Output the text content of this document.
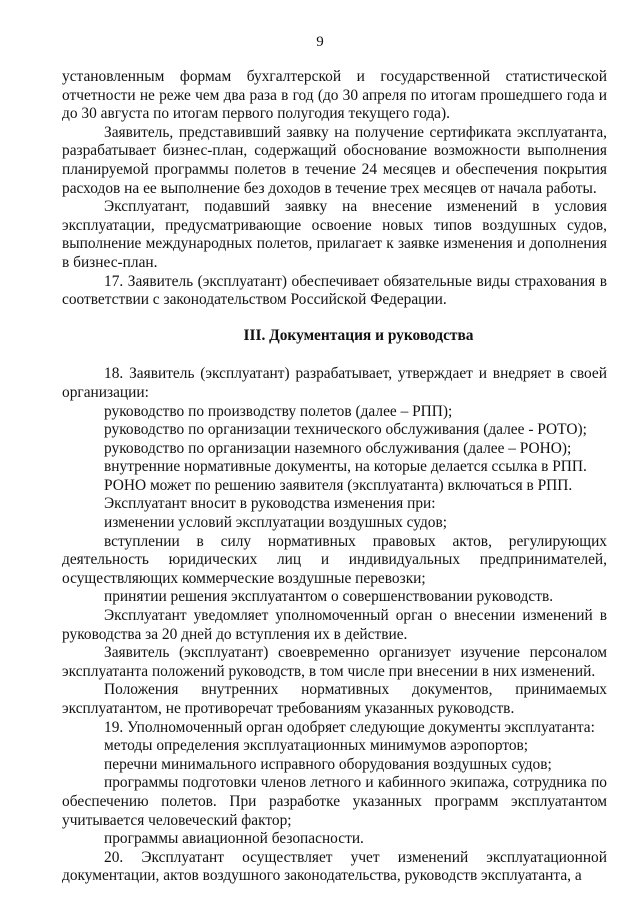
9

установленным формам бухгалтерской и государственной статистической отчетности не реже чем два раза в год (до 30 апреля по итогам прошедшего года и до 30 августа по итогам первого полугодия текущего года).

Заявитель, представивший заявку на получение сертификата эксплуатанта, разрабатывает бизнес-план, содержащий обоснование возможности выполнения планируемой программы полетов в течение 24 месяцев и обеспечения покрытия расходов на ее выполнение без доходов в течение трех месяцев от начала работы.

Эксплуатант, подавший заявку на внесение изменений в условия эксплуатации, предусматривающие освоение новых типов воздушных судов, выполнение международных полетов, прилагает к заявке изменения и дополнения в бизнес-план.

17. Заявитель (эксплуатант) обеспечивает обязательные виды страхования в соответствии с законодательством Российской Федерации.

III. Документация и руководства

18. Заявитель (эксплуатант) разрабатывает, утверждает и внедряет в своей организации:

руководство по производству полетов (далее – РПП);

руководство по организации технического обслуживания (далее - РОТО);

руководство по организации наземного обслуживания (далее – РОНО);

внутренние нормативные документы, на которые делается ссылка в РПП.

РОНО может по решению заявителя (эксплуатанта) включаться в РПП.

Эксплуатант вносит в руководства изменения при:

изменении условий эксплуатации воздушных судов;

вступлении в силу нормативных правовых актов, регулирующих деятельность юридических лиц и индивидуальных предпринимателей, осуществляющих коммерческие воздушные перевозки;

принятии решения эксплуатантом о совершенствовании руководств.

Эксплуатант уведомляет уполномоченный орган о внесении изменений в руководства за 20 дней до вступления их в действие.

Заявитель (эксплуатант) своевременно организует изучение персоналом эксплуатанта положений руководств, в том числе при внесении в них изменений.

Положения внутренних нормативных документов, принимаемых эксплуатантом, не противоречат требованиям указанных руководств.

19. Уполномоченный орган одобряет следующие документы эксплуатанта:

методы определения эксплуатационных минимумов аэропортов;

перечни минимального исправного оборудования воздушных судов;

программы подготовки членов летного и кабинного экипажа, сотрудника по обеспечению полетов. При разработке указанных программ эксплуатантом учитывается человеческий фактор;

программы авиационной безопасности.

20. Эксплуатант осуществляет учет изменений эксплуатационной документации, актов воздушного законодательства, руководств эксплуатанта, а
